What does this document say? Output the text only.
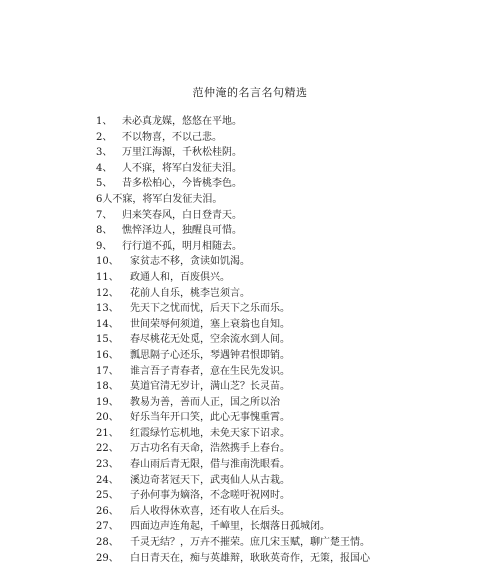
范仲淹的名言名句精选
1、 未必真龙媒，悠悠在平地。
2、 不以物喜，不以己悲。
3、 万里江海源，千秋松桂阴。
4、 人不寐，将军白发征夫泪。
5、 昔多松柏心，今皆桃李色。
6人不寐，将军白发征夫泪。
7、 归来笑春风，白日登青天。
8、 憔悴泽边人，独醒良可惜。
9、 行行道不孤，明月相随去。
10、 家贫志不移，贪读如饥渴。
11、 政通人和，百废俱兴。
12、 花前人自乐，桃李岂须言。
13、 先天下之忧而忧，后天下之乐而乐。
14、 世间荣辱何须道，塞上衰翁也自知。
15、 春尽桃花无处觅，空余流水到人间。
16、 瓢思隔子心还乐，琴遇钟君恨即销。
17、 谁言吾子青春者，意在生民先发识。
18、 莫道官清无岁计，满山芝？长灵苗。
19、 教易为善，善而人正，国之所以治
20、 好乐当年开口笑，此心无事愧重霄。
21、 红霞绿竹忘机地，未免天家下诏求。
22、 万古功名有天命，浩然携手上春台。
23、 春山雨后青无限，借与淮南洗眼看。
24、 溪边奇茗冠天下，武夷仙人从古栽。
25、 子孙何事为嫡洛，不念嗟吁祝网时。
26、 后人收得休欢喜，还有收人在后头。
27、 四面边声连角起，千嶂里，长烟落日孤城闭。
28、 千灵无结？，万卉不摧荣。庶几宋玉赋，聊广楚王情。
29、 白日青天在，痴与英雄辩，耿耿英奇作，无策，报国心
